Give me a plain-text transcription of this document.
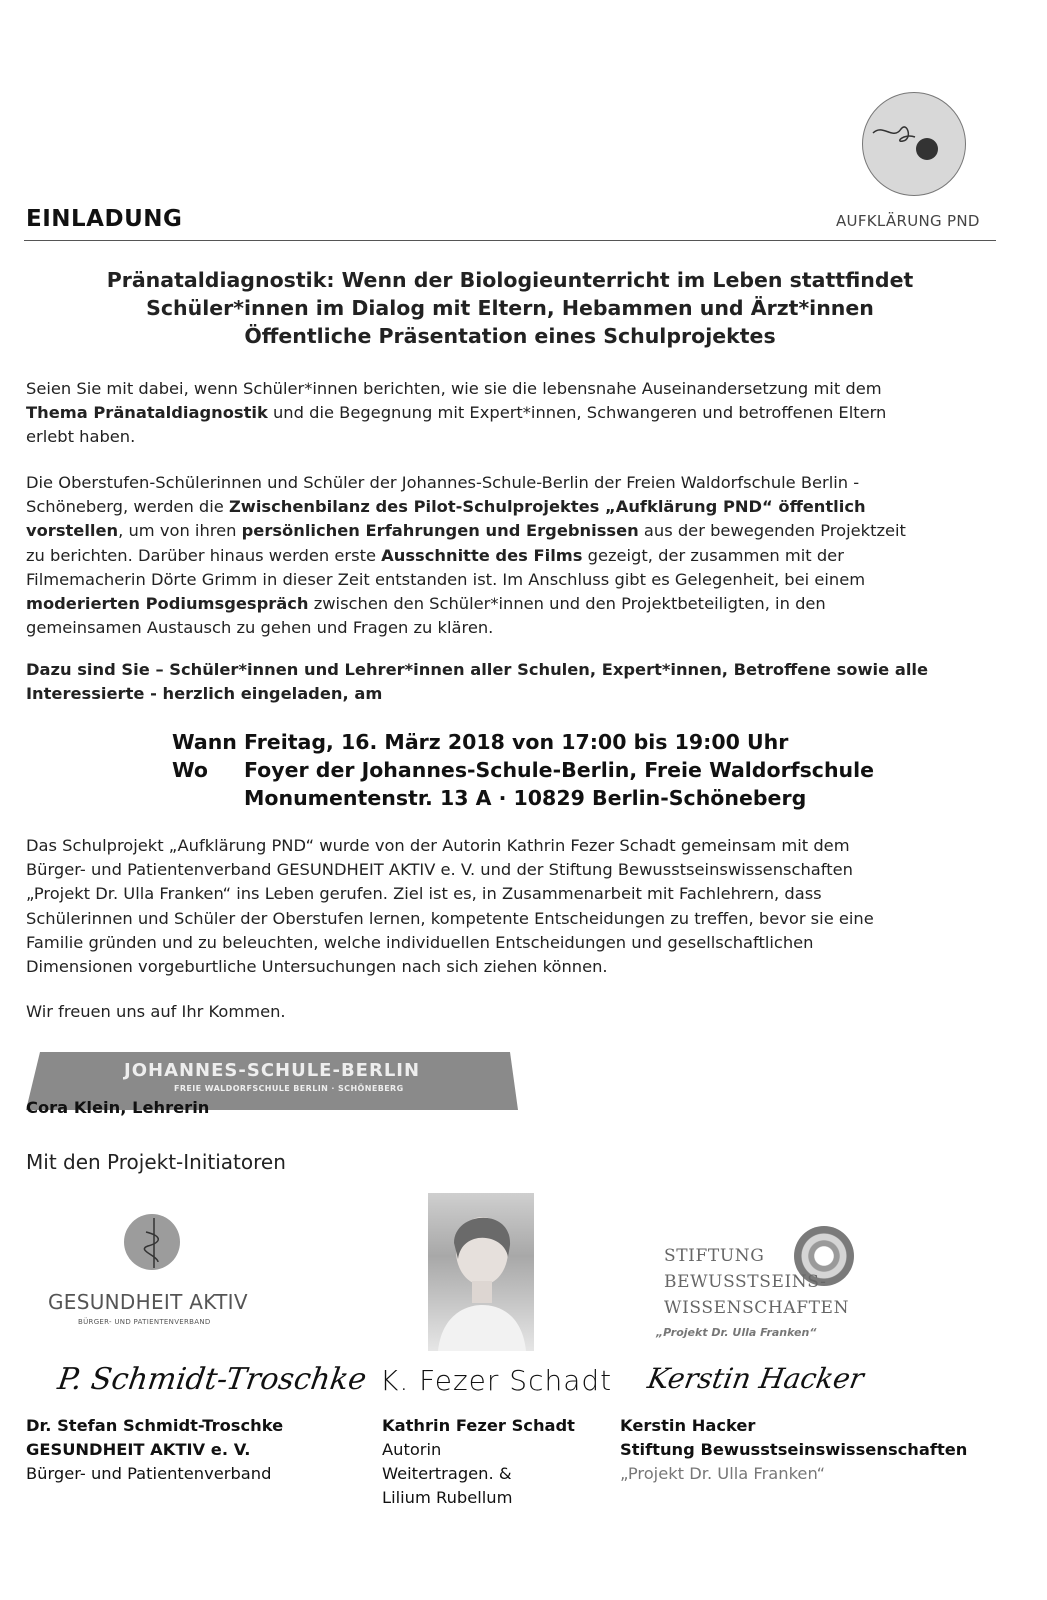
AUFKLÄRUNG PND
EINLADUNG
Pränataldiagnostik: Wenn der Biologieunterricht im Leben stattfindet
Schüler*innen im Dialog mit Eltern, Hebammen und Ärzt*innen
Öffentliche Präsentation eines Schulprojektes
Seien Sie mit dabei, wenn Schüler*innen berichten, wie sie die lebensnahe Auseinandersetzung mit dem
Thema Pränataldiagnostik und die Begegnung mit Expert*innen, Schwangeren und betroffenen Eltern
erlebt haben.
Die Oberstufen-Schülerinnen und Schüler der Johannes-Schule-Berlin der Freien Waldorfschule Berlin -
Schöneberg, werden die Zwischenbilanz des Pilot-Schulprojektes „Aufklärung PND“ öffentlich
vorstellen, um von ihren persönlichen Erfahrungen und Ergebnissen aus der bewegenden Projektzeit
zu berichten. Darüber hinaus werden erste Ausschnitte des Films gezeigt, der zusammen mit der
Filmemacherin Dörte Grimm in dieser Zeit entstanden ist. Im Anschluss gibt es Gelegenheit, bei einem
moderierten Podiumsgespräch zwischen den Schüler*innen und den Projektbeteiligten, in den
gemeinsamen Austausch zu gehen und Fragen zu klären.
Dazu sind Sie – Schüler*innen und Lehrer*innen aller Schulen, Expert*innen, Betroffene sowie alle
Interessierte - herzlich eingeladen, am
Wann Freitag, 16. März 2018 von 17:00 bis 19:00 Uhr
Wo Foyer der Johannes-Schule-Berlin, Freie Waldorfschule
Monumentenstr. 13 A · 10829 Berlin-Schöneberg
Das Schulprojekt „Aufklärung PND“ wurde von der Autorin Kathrin Fezer Schadt gemeinsam mit dem
Bürger- und Patientenverband GESUNDHEIT AKTIV e. V. und der Stiftung Bewusstseinswissenschaften
„Projekt Dr. Ulla Franken“ ins Leben gerufen. Ziel ist es, in Zusammenarbeit mit Fachlehrern, dass
Schülerinnen und Schüler der Oberstufen lernen, kompetente Entscheidungen zu treffen, bevor sie eine
Familie gründen und zu beleuchten, welche individuellen Entscheidungen und gesellschaftlichen
Dimensionen vorgeburtliche Untersuchungen nach sich ziehen können.
Wir freuen uns auf Ihr Kommen.
JOHANNES-SCHULE-BERLIN
FREIE WALDORFSCHULE BERLIN · SCHÖNEBERG
Cora Klein, Lehrerin
Mit den Projekt-Initiatoren
GESUNDHEIT AKTIV
BÜRGER- UND PATIENTENVERBAND
STIFTUNG
BEWUSSTSEINS-
WISSENSCHAFTEN
„Projekt Dr. Ulla Franken“
P. Schmidt-Troschke K. Fezer Schadt Kerstin Hacker
Dr. Stefan Schmidt-Troschke
GESUNDHEIT AKTIV e. V.
Bürger- und Patientenverband
Kathrin Fezer Schadt
Autorin
Weitertragen. &
Lilium Rubellum
Kerstin Hacker
Stiftung Bewusstseinswissenschaften
„Projekt Dr. Ulla Franken“
